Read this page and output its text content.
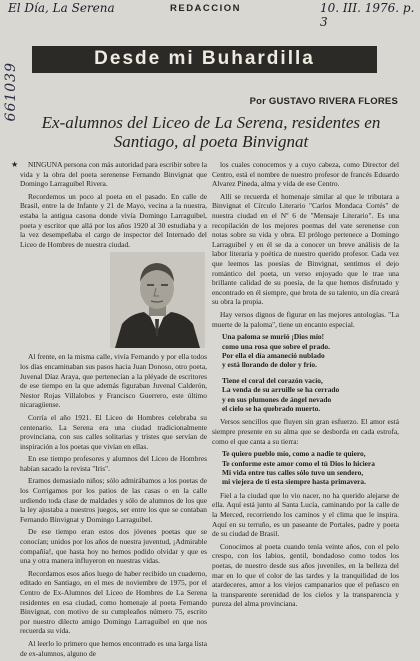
El Día, La Serena	REDACCION	10. III. 1976. p. 3
661039
Desde mi Buhardilla
Por GUSTAVO RIVERA FLORES
Ex-alumnos del Liceo de La Serena, residentes en Santiago, al poeta Binvignat
★	NINGUNA persona con más autoridad para escribir sobre la vida y la obra del poeta serenense Fernando Binvignat que Domingo Larraguibel Rivera.

Recordemos un poco al poeta en el pasado. En calle de Brasil, entre la de Infante y 21 de Mayo, vecina a la nuestra, estaba la antigua casona donde vivía Domingo Larraguibel, poeta y escritor que allá por los años 1920 al 30 estudiaba y a la vez desempeñaba el cargo de inspector del Internado del Liceo de Hombres de nuestra ciudad.

Al frente, en la misma calle, vivía Fernando y por ella todos los días encaminaban sus pasos hacia Juan Donoso, otro poeta, Juvenal Díaz Araya, que pertenecían a la pléyade de escritores de ese tiempo en la que además figuraban Juvenal Calderón, Nestor Rojas Villalobos y Francisco Guerrero, este último nicaragüense.

Corría el año 1921. El Liceo de Hombres celebraba su centenario. La Serena era una ciudad tradicionalmente provinciana, con sus calles solitarias y tristes que servían de inspiración a los poetas que vivían en ellas.

En ese tiempo profesores y alumnos del Liceo de Hombres habían sacado la revista "Iris".

Eramos demasiado niños; sólo admirábamos a los poetas de los Corrigamos por los patios de las casas o en la calle urdiendo toda clase de maldades y sólo de alumnos de los que la ley ajustaba a nuestros juegos, ser entre los que se contaban Fernando Binvignat y Domingo Larraguibel.

De ese tiempo eran estos dos jóvenes poetas que se conocían; unidos por los años de nuestra juventud, ¡Admirable compañía!, que hasta hoy no hemos podido olvidar y que es una y otra manera influyeron en nuestras vidas.

Recordamos esos años luego de haber recibido un cuaderno, editado en Santiago, en el mes de noviembre de 1975, por el Centro de Ex-Alumnos del Liceo de Hombres de La Serena residentes en esa ciudad, como homenaje al poeta Fernando Binvignat, con motivo de su cumpleaños número 75, escrito por nuestro dilecto amigo Domingo Larraguibel en que nos recuerda su vida.

Al leerlo lo primero que hemos encontrado es una larga lista de ex-alumnos, alguno de

los cuales conocemos y a cuyo cabeza, como Director del Centro, está el nombre de nuestro profesor de francés Eduardo Alvarez Pineda, alma y vida de ese Centro.

Allí se recuerda el homenaje similar al que le tributara a Binvignat el Círculo Literario "Carlos Mondaca Cortés" de nuestra ciudad en el Nº 6 de "Mensaje Literario". Es una recopilación de los mejores poemas del vate serenense con notas sobre su vida y obra. El prólogo pertenece a Domingo Larraguibel y en él se da a conocer un breve análisis de la labor literaria y poética de nuestro querido profesor. Cada vez que leemos las poesías de Binvignat, sentimos el dejo romántico del poeta, un verso enjoyado que le trae una brillante calidad de su poesía, de la que hemos disfrutado y encontrado en él siempre, que brota de su talento, un día creará su obra la propia.

Hay versos dignos de figurar en las mejores antologías. "La muerte de la paloma", tiene un encanto especial.

Una paloma se murió ¡Dios mío!
como una rosa que sobre el prado.
Por ella el día amaneció nublado
y está llorando de dolor y frío.
Tiene el coral del corazón vacío,
La venda de su arruille se ha cerrado
y en sus plumones de ángel nevado
el cielo se ha quebrado muerto.

Versos sencillos que fluyen sin gran esfuerzo. El amor está siempre presente en su alma que se desborda en cada estrofa, como el que canta a su tierra:

Te quiero pueblo mío, como a nadie te quiero,
Te conforme este amor como el tú Dios lo hiciera
Mi vida entre tus calles sólo tuvo un sendero,
mi viejera de ti esta siempre hasta primavera.

Fiel a la ciudad que lo vio nacer, no ha querido alejarse de ella. Aquí está junto al Santa Lucía, caminando por la calle de la Merced, recorriendo los caminos y el clima que le inspira. Aquí en su terruño, es un paseante de Portales, padre y poeta de su ciudad de Brasil.

Conocimos al poeta cuando tenía veinte años, con el pelo crespo, con los labios, gentil, bondadoso como todos los poetas, de nuestro desde sus años juveniles, en la belleza del mar en lo que el color de las tardes y la tranquilidad de los atardeceres, amor a los viejos campanarios que el peñasco en la transparente serenidad de los cielos y la transparencia y pureza del alma provinciana.
